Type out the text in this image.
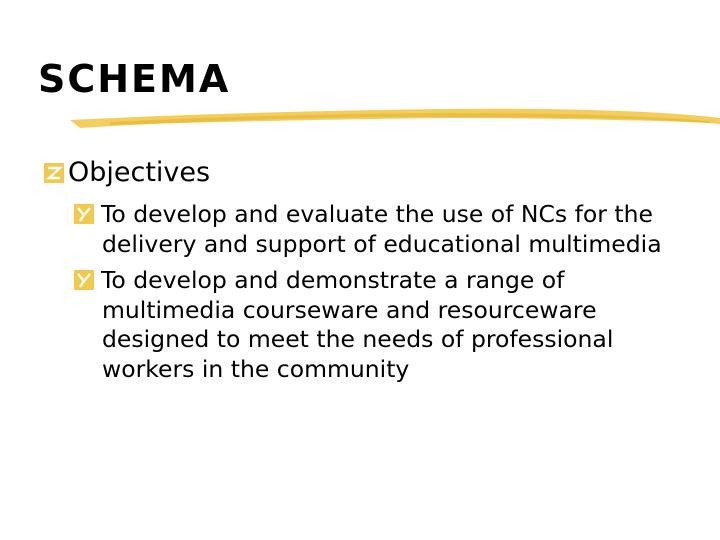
SCHEMA
Objectives
To develop and evaluate the use of NCs for the delivery and support of educational multimedia
To develop and demonstrate a range of multimedia courseware and resourceware designed to meet the needs of professional workers in the community
